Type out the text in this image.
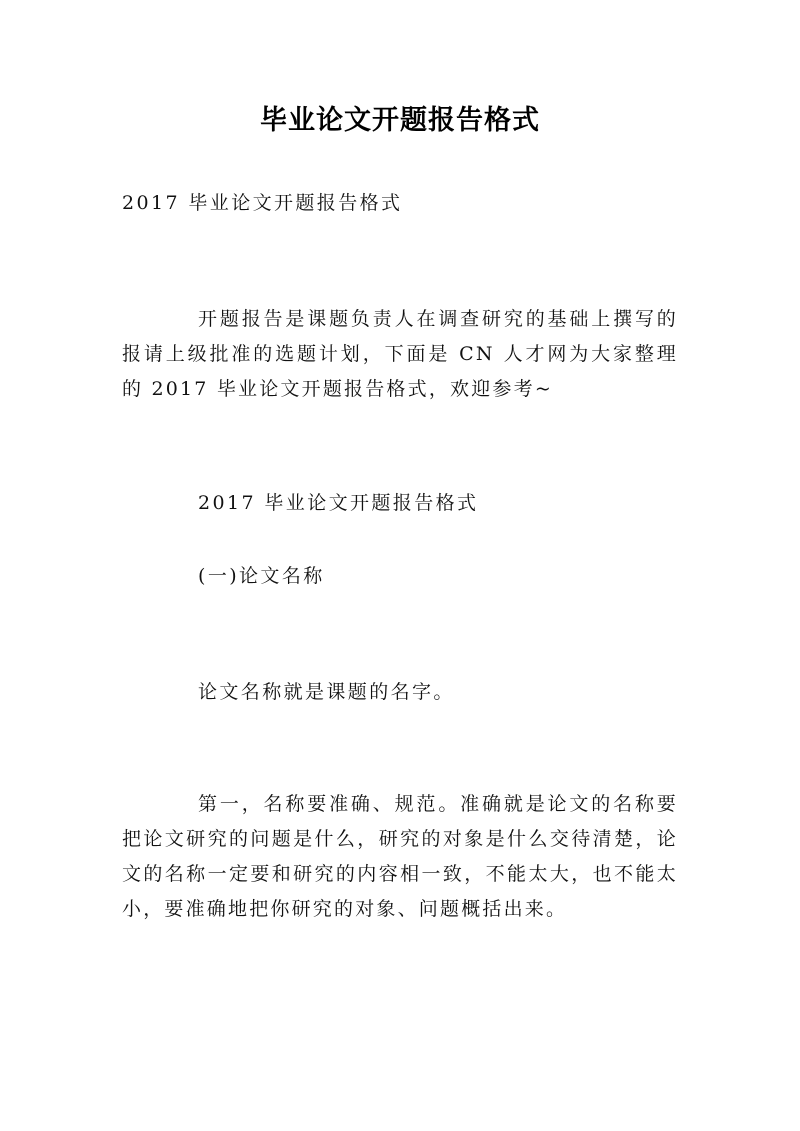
毕业论文开题报告格式

2017 毕业论文开题报告格式

开题报告是课题负责人在调查研究的基础上撰写的报请上级批准的选题计划，下面是 CN 人才网为大家整理的 2017 毕业论文开题报告格式，欢迎参考~

2017 毕业论文开题报告格式

(一)论文名称

论文名称就是课题的名字。

第一，名称要准确、规范。准确就是论文的名称要把论文研究的问题是什么，研究的对象是什么交待清楚，论文的名称一定要和研究的内容相一致，不能太大，也不能太小，要准确地把你研究的对象、问题概括出来。
